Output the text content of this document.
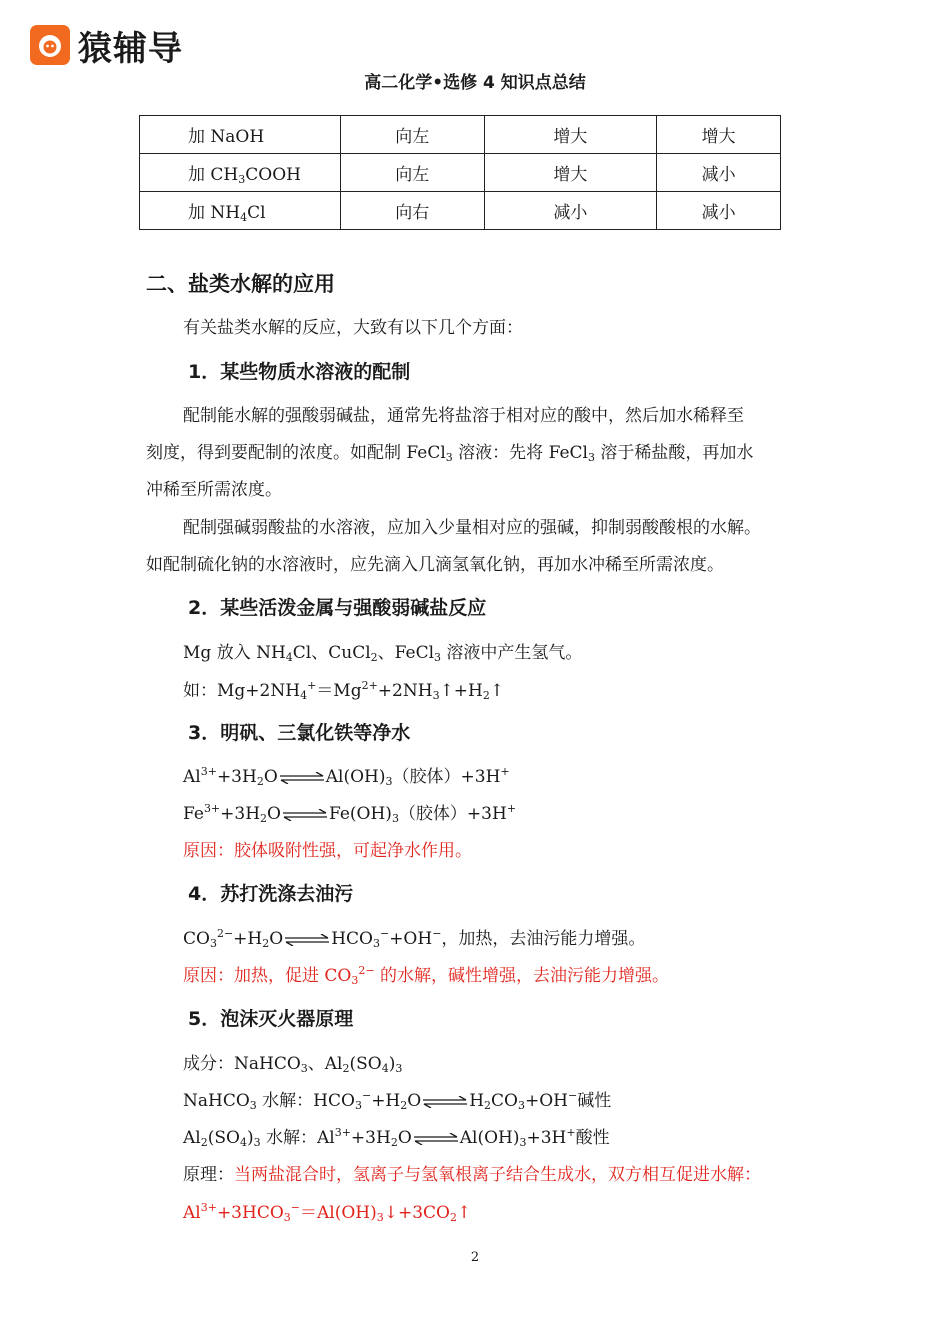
猿辅导
高二化学•选修 4 知识点总结
加 NaOH	向左	增大	增大
加 $CH_3COOH$	向左	增大	减小
加 $NH_4Cl$	向右	减小	减小
二、盐类水解的应用
有关盐类水解的反应，大致有以下几个方面：
1．某些物质水溶液的配制
配制能水解的强酸弱碱盐，通常先将盐溶于相对应的酸中，然后加水稀释至
刻度，得到要配制的浓度。如配制 FeCl$_3$ 溶液：先将 FeCl$_3$ 溶于稀盐酸，再加水
冲稀至所需浓度。
配制强碱弱酸盐的水溶液，应加入少量相对应的强碱，抑制弱酸酸根的水解。
如配制硫化钠的水溶液时，应先滴入几滴氢氧化钠，再加水冲稀至所需浓度。
2．某些活泼金属与强酸弱碱盐反应
Mg 放入 $NH_4Cl$、CuCl$_2$、FeCl$_3$ 溶液中产生氢气。
如：$Mg+2NH_4^+=Mg^{2+}+2NH_3↑+H_2↑$
3．明矾、三氯化铁等净水
$Al^{3+}+3H_2O\rightleftharpoons Al(OH)_3$（胶体）+3H+
$Fe^{3+}+3H_2O\rightleftharpoons Fe(OH)_3$（胶体）+3H+
原因：胶体吸附性强，可起净水作用。
4．苏打洗涤去油污
$CO_3^{2-}+H_2O\rightleftharpoons HCO_3^-+OH^-$，加热，去油污能力增强。
原因：加热，促进 $CO_3^{2-}$ 的水解，碱性增强，去油污能力增强。
5．泡沫灭火器原理
成分：NaHCO$_3$、$Al_2(SO_4)_3$
NaHCO$_3$ 水解：$HCO_3^-+H_2O\rightleftharpoons H_2CO_3+OH^-$碱性
$Al_2(SO_4)_3$ 水解：$Al^{3+}+3H_2O\rightleftharpoons Al(OH)_3+3H^+$酸性
原理：当两盐混合时，氢离子与氢氧根离子结合生成水，双方相互促进水解：
$Al^{3+}+3HCO_3^-=Al(OH)_3↓+3CO_2↑$
2
